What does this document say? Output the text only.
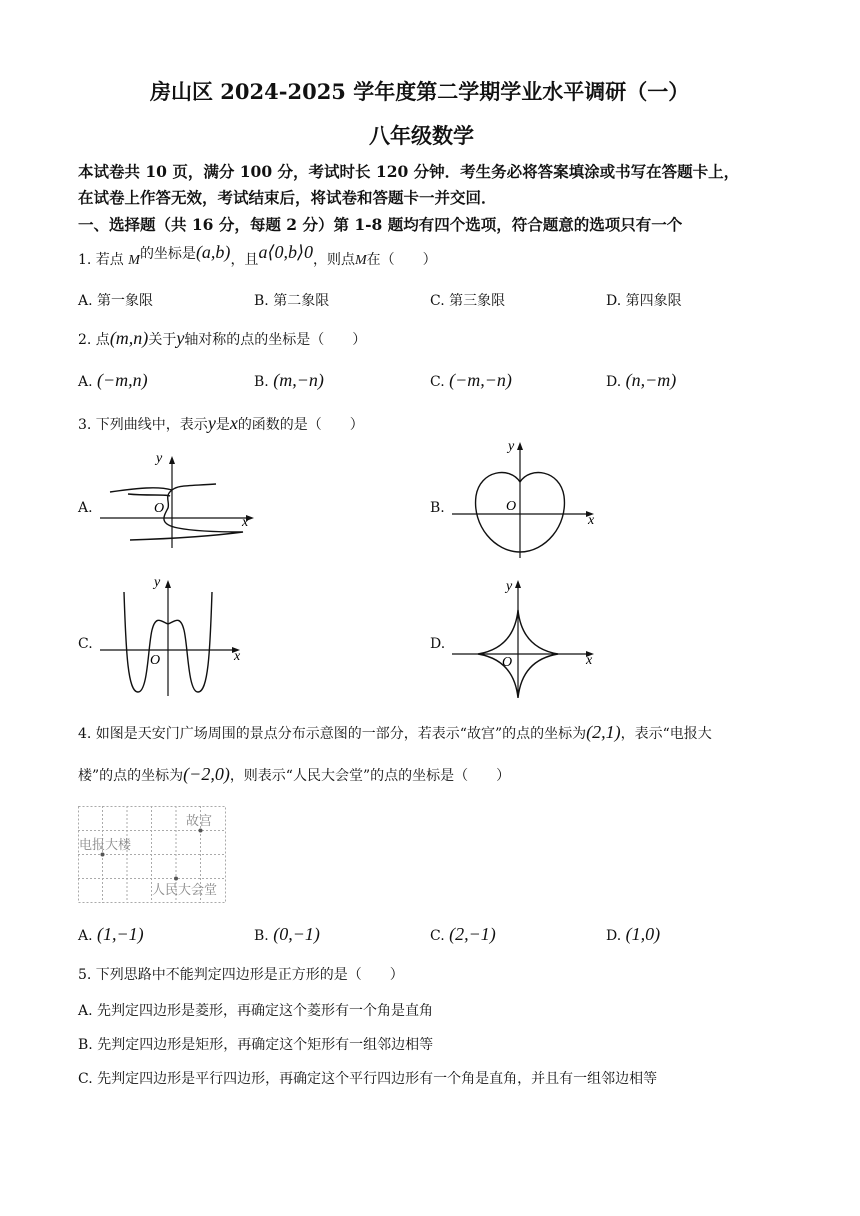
房山区 2024-2025 学年度第二学期学业水平调研（一）
八年级数学
本试卷共 10 页，满分 100 分，考试时长 120 分钟．考生务必将答案填涂或书写在答题卡上，
在试卷上作答无效，考试结束后，将试卷和答题卡一并交回．
一、选择题（共 16 分，每题 2 分）第 1-8 题均有四个选项，符合题意的选项只有一个
1. 若点 M的坐标是(a,b)，且a⟨0,b⟩0，则点M在（　　）
A. 第一象限	B. 第二象限	C. 第三象限	D. 第四象限
2. 点(m,n)关于y轴对称的点的坐标是（　　）
A. (−m,n)	B. (m,−n)	C. (−m,−n)	D. (n,−m)
3. 下列曲线中，表示y是x的函数的是（　　）
A.	B.
C.	D.
O
x
y
O
x
y
O	x
y
O	x
y
4. 如图是天安门广场周围的景点分布示意图的一部分，若表示“故宫”的点的坐标为(2,1)，表示“电报大
楼”的点的坐标为(−2,0)，则表示“人民大会堂”的点的坐标是（　　）
故宫
电报大楼
人民大会堂
A. (1,−1)	B. (0,−1)	C. (2,−1)	D. (1,0)
5. 下列思路中不能判定四边形是正方形的是（　　）
A. 先判定四边形是菱形，再确定这个菱形有一个角是直角
B. 先判定四边形是矩形，再确定这个矩形有一组邻边相等
C. 先判定四边形是平行四边形，再确定这个平行四边形有一个角是直角，并且有一组邻边相等
